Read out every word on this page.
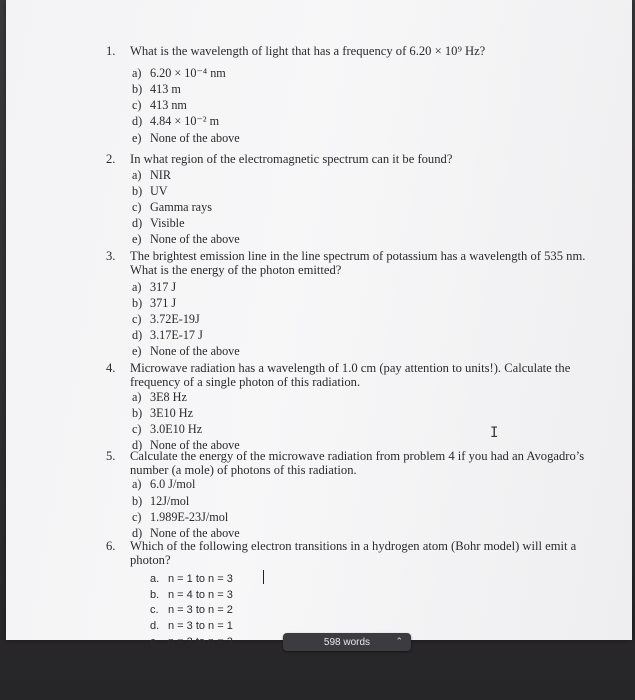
1.	What is the wavelength of light that has a frequency of 6.20 × 10⁹ Hz?
a) 6.20 × 10⁻⁴ nm
b) 413 m
c) 413 nm
d) 4.84 × 10⁻² m
e) None of the above
2.	In what region of the electromagnetic spectrum can it be found?
a) NIR
b) UV
c) Gamma rays
d) Visible
e) None of the above
3.	The brightest emission line in the line spectrum of potassium has a wavelength of 535 nm.
What is the energy of the photon emitted?
a) 317 J
b) 371 J
c) 3.72E-19J
d) 3.17E-17 J
e) None of the above
4.	Microwave radiation has a wavelength of 1.0 cm (pay attention to units!). Calculate the
frequency of a single photon of this radiation.
a) 3E8 Hz
b) 3E10 Hz
c) 3.0E10 Hz
d) None of the above
5.	Calculate the energy of the microwave radiation from problem 4 if you had an Avogadro’s
number (a mole) of photons of this radiation.
a) 6.0 J/mol
b) 12J/mol
c) 1.989E-23J/mol
d) None of the above
6.	Which of the following electron transitions in a hydrogen atom (Bohr model) will emit a
photon?
a. n = 1 to n = 3
b. n = 4 to n = 3
c. n = 3 to n = 2
d. n = 3 to n = 1
e. n = 2 to n = 3
I
598 words	⌃
